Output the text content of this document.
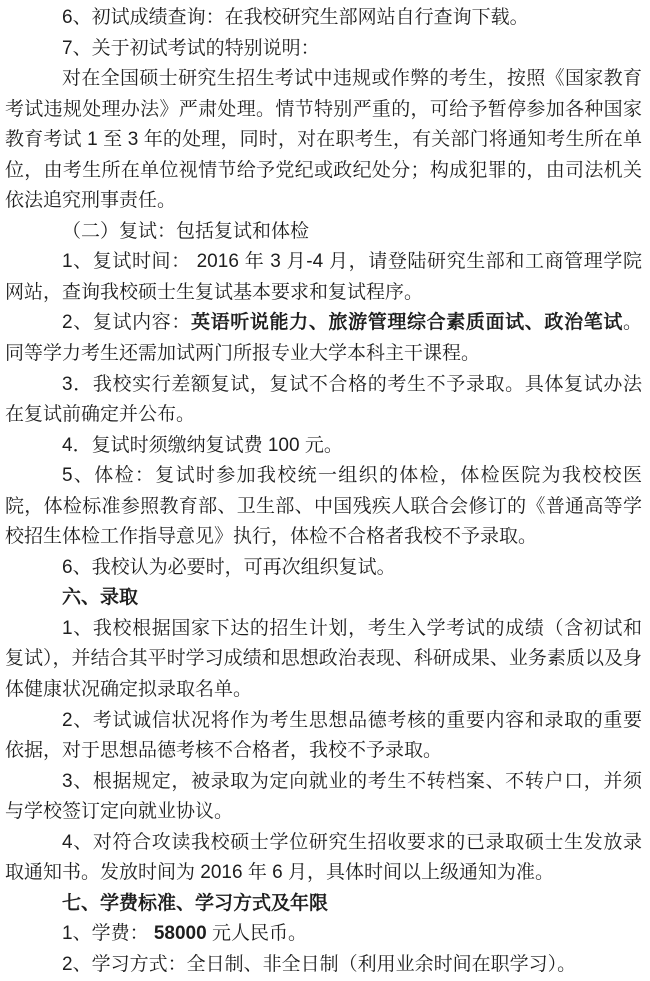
6、初试成绩查询：在我校研究生部网站自行查询下载。

7、关于初试考试的特别说明：

对在全国硕士研究生招生考试中违规或作弊的考生，按照《国家教育考试违规处理办法》严肃处理。情节特别严重的，可给予暂停参加各种国家教育考试 1 至 3 年的处理，同时，对在职考生，有关部门将通知考生所在单位，由考生所在单位视情节给予党纪或政纪处分；构成犯罪的，由司法机关依法追究刑事责任。

（二）复试：包括复试和体检

1、复试时间： 2016 年 3 月-4 月，请登陆研究生部和工商管理学院网站，查询我校硕士生复试基本要求和复试程序。

2、复试内容：英语听说能力、旅游管理综合素质面试、政治笔试。同等学力考生还需加试两门所报专业大学本科主干课程。

3．我校实行差额复试，复试不合格的考生不予录取。具体复试办法在复试前确定并公布。

4．复试时须缴纳复试费 100 元。

5、体检：复试时参加我校统一组织的体检，体检医院为我校校医院，体检标准参照教育部、卫生部、中国残疾人联合会修订的《普通高等学校招生体检工作指导意见》执行，体检不合格者我校不予录取。

6、我校认为必要时，可再次组织复试。

六、录取

1、我校根据国家下达的招生计划，考生入学考试的成绩（含初试和复试），并结合其平时学习成绩和思想政治表现、科研成果、业务素质以及身体健康状况确定拟录取名单。

2、考试诚信状况将作为考生思想品德考核的重要内容和录取的重要依据，对于思想品德考核不合格者，我校不予录取。

3、根据规定，被录取为定向就业的考生不转档案、不转户口，并须与学校签订定向就业协议。

4、对符合攻读我校硕士学位研究生招收要求的已录取硕士生发放录取通知书。发放时间为 2016 年 6 月，具体时间以上级通知为准。

七、学费标准、学习方式及年限

1、学费： 58000 元人民币。

2、学习方式：全日制、非全日制（利用业余时间在职学习）。
